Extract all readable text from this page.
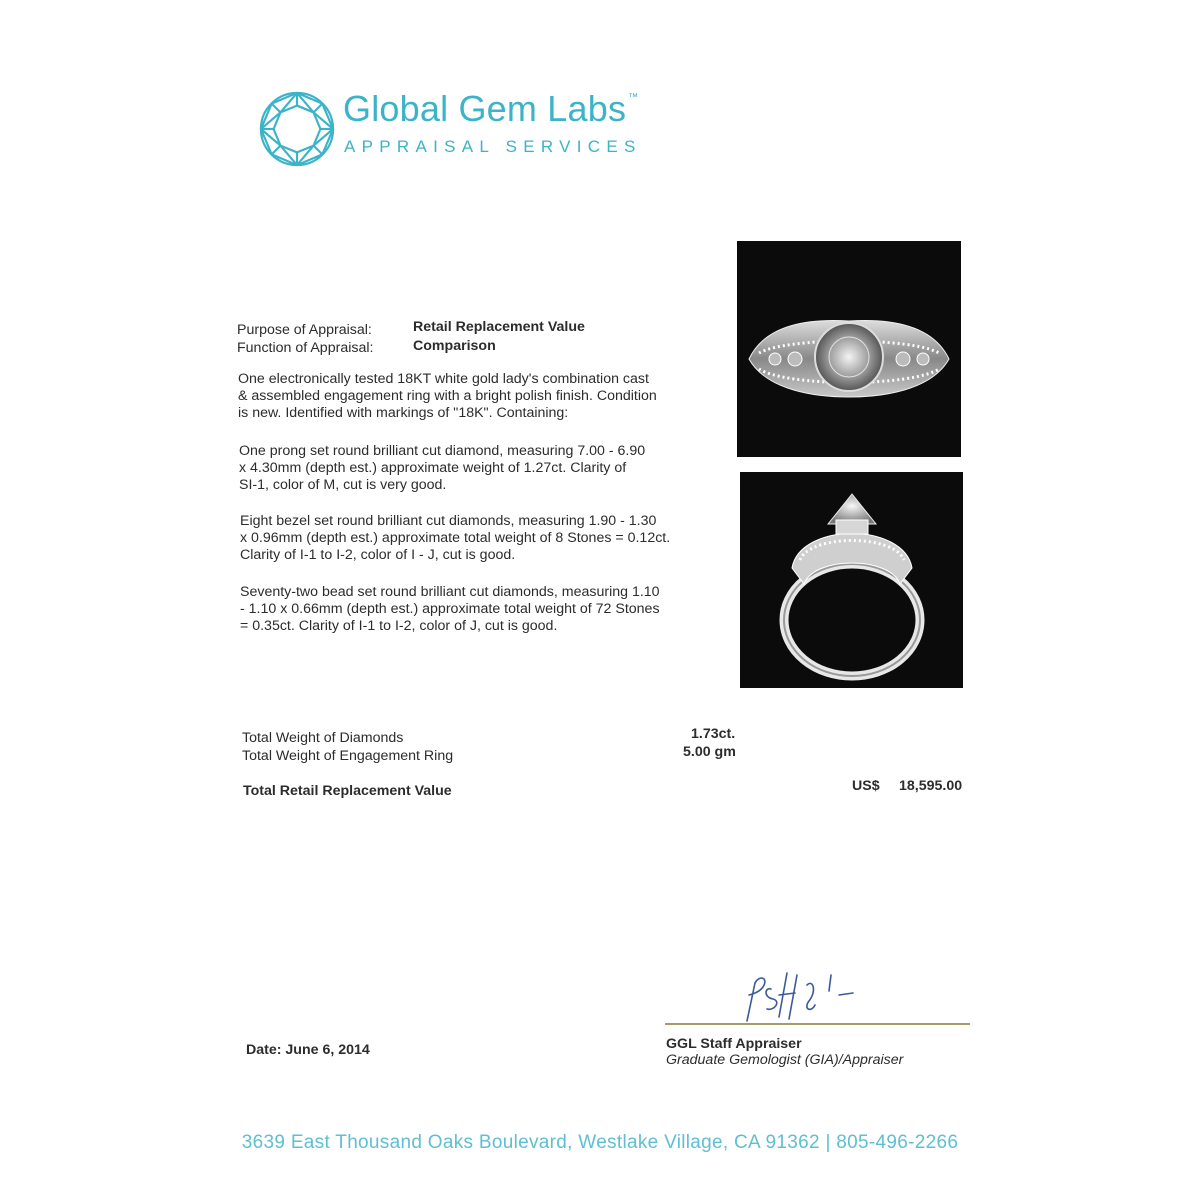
Global Gem Labs ™
APPRAISAL SERVICES
Purpose of Appraisal:	Retail Replacement Value
Function of Appraisal:	Comparison
One electronically tested 18KT white gold lady's combination cast
& assembled engagement ring with a bright polish finish. Condition
is new. Identified with markings of "18K". Containing:
One prong set round brilliant cut diamond, measuring 7.00 - 6.90
x 4.30mm (depth est.) approximate weight of 1.27ct. Clarity of
SI-1, color of M, cut is very good.
Eight bezel set round brilliant cut diamonds, measuring 1.90 - 1.30
x 0.96mm (depth est.) approximate total weight of 8 Stones = 0.12ct.
Clarity of I-1 to I-2, color of I - J, cut is good.
Seventy-two bead set round brilliant cut diamonds, measuring 1.10
- 1.10 x 0.66mm (depth est.) approximate total weight of 72 Stones
= 0.35ct. Clarity of I-1 to I-2, color of J, cut is good.
Total Weight of Diamonds	1.73ct.
Total Weight of Engagement Ring	5.00 gm
Total Retail Replacement Value	US$ 18,595.00
Date: June 6, 2014	GGL Staff Appraiser
Graduate Gemologist (GIA)/Appraiser
3639 East Thousand Oaks Boulevard, Westlake Village, CA 91362 | 805-496-2266
